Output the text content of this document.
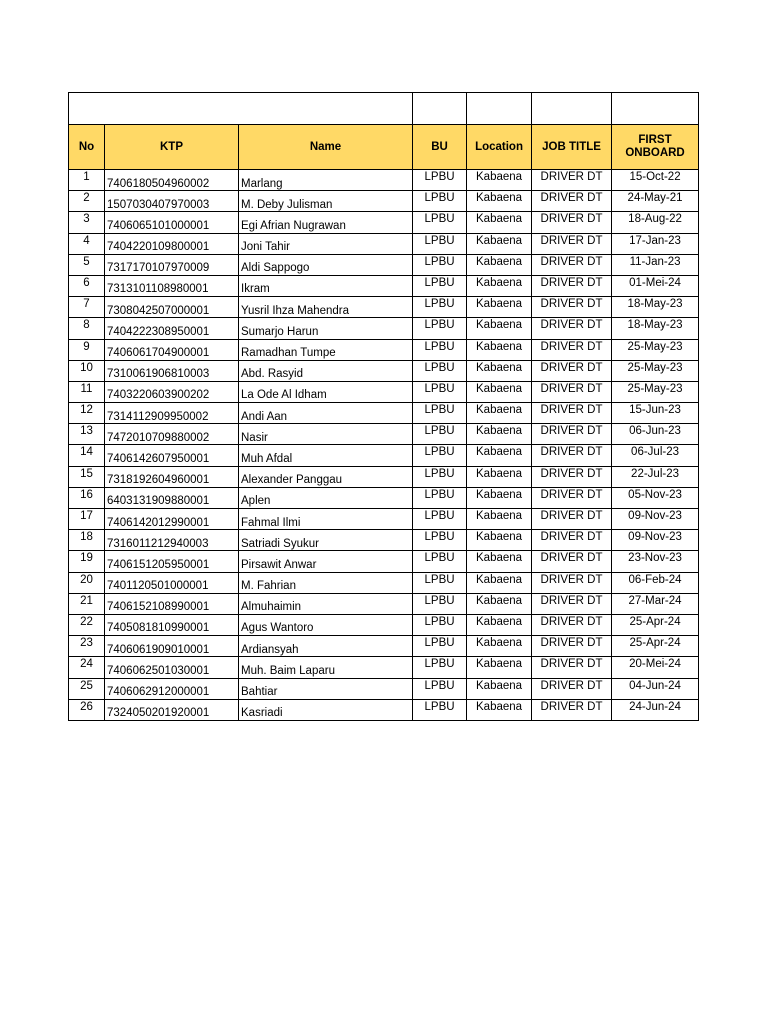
No	KTP	Name	BU	Location	JOB TITLE	FIRST ONBOARD
1	7406180504960002	Marlang	LPBU	Kabaena	DRIVER DT	15-Oct-22
2	1507030407970003	M. Deby Julisman	LPBU	Kabaena	DRIVER DT	24-May-21
3	7406065101000001	Egi Afrian Nugrawan	LPBU	Kabaena	DRIVER DT	18-Aug-22
4	7404220109800001	Joni Tahir	LPBU	Kabaena	DRIVER DT	17-Jan-23
5	7317170107970009	Aldi Sappogo	LPBU	Kabaena	DRIVER DT	11-Jan-23
6	7313101108980001	Ikram	LPBU	Kabaena	DRIVER DT	01-Mei-24
7	7308042507000001	Yusril Ihza Mahendra	LPBU	Kabaena	DRIVER DT	18-May-23
8	7404222308950001	Sumarjo Harun	LPBU	Kabaena	DRIVER DT	18-May-23
9	7406061704900001	Ramadhan Tumpe	LPBU	Kabaena	DRIVER DT	25-May-23
10	7310061906810003	Abd. Rasyid	LPBU	Kabaena	DRIVER DT	25-May-23
11	7403220603900202	La Ode Al Idham	LPBU	Kabaena	DRIVER DT	25-May-23
12	7314112909950002	Andi Aan	LPBU	Kabaena	DRIVER DT	15-Jun-23
13	7472010709880002	Nasir	LPBU	Kabaena	DRIVER DT	06-Jun-23
14	7406142607950001	Muh Afdal	LPBU	Kabaena	DRIVER DT	06-Jul-23
15	7318192604960001	Alexander Panggau	LPBU	Kabaena	DRIVER DT	22-Jul-23
16	6403131909880001	Aplen	LPBU	Kabaena	DRIVER DT	05-Nov-23
17	7406142012990001	Fahmal Ilmi	LPBU	Kabaena	DRIVER DT	09-Nov-23
18	7316011212940003	Satriadi Syukur	LPBU	Kabaena	DRIVER DT	09-Nov-23
19	7406151205950001	Pirsawit Anwar	LPBU	Kabaena	DRIVER DT	23-Nov-23
20	7401120501000001	M. Fahrian	LPBU	Kabaena	DRIVER DT	06-Feb-24
21	7406152108990001	Almuhaimin	LPBU	Kabaena	DRIVER DT	27-Mar-24
22	7405081810990001	Agus Wantoro	LPBU	Kabaena	DRIVER DT	25-Apr-24
23	7406061909010001	Ardiansyah	LPBU	Kabaena	DRIVER DT	25-Apr-24
24	7406062501030001	Muh. Baim Laparu	LPBU	Kabaena	DRIVER DT	20-Mei-24
25	7406062912000001	Bahtiar	LPBU	Kabaena	DRIVER DT	04-Jun-24
26	7324050201920001	Kasriadi	LPBU	Kabaena	DRIVER DT	24-Jun-24
